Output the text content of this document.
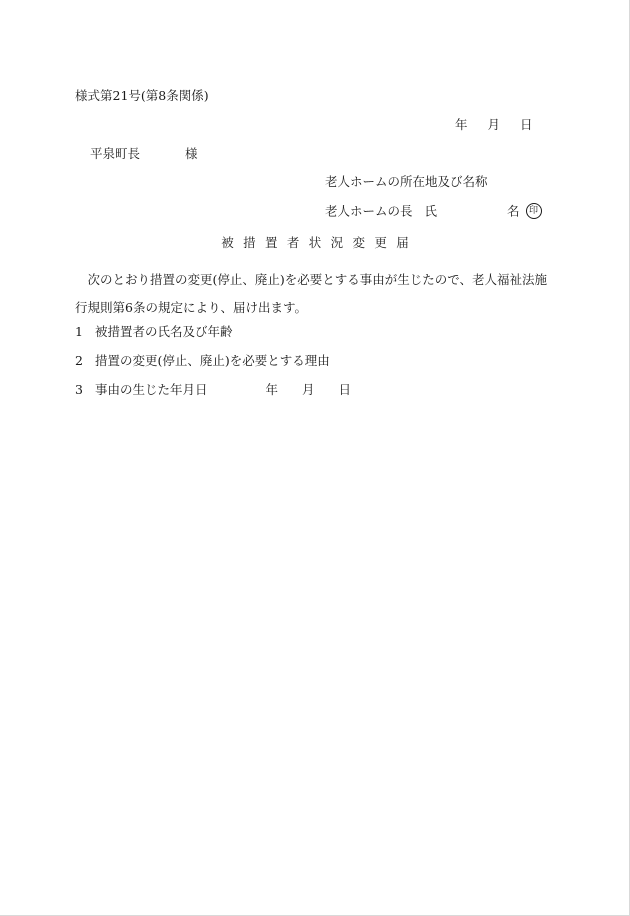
様式第21号(第8条関係)
年 月 日
平泉町長	様
老人ホームの所在地及び名称
老人ホームの長 氏	名 印
被措置者状況変更届
次のとおり措置の変更(停止、廃止)を必要とする事由が生じたので、老人福祉法施行規則第6条の規定により、届け出ます。
1 被措置者の氏名及び年齢
2 措置の変更(停止、廃止)を必要とする理由
3 事由の生じた年月日	年 月 日
